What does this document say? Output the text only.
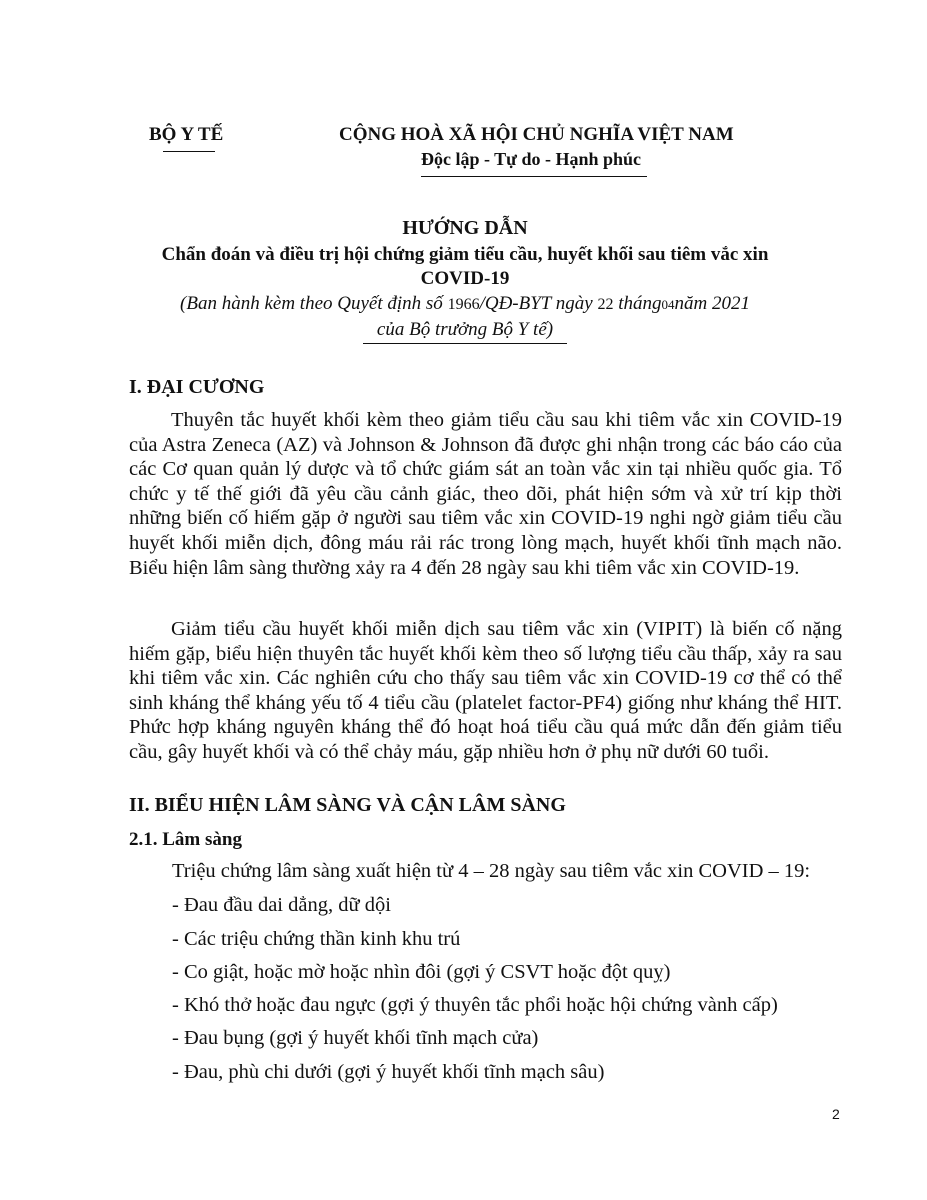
BỘ Y TẾ	CỘNG HOÀ XÃ HỘI CHỦ NGHĨA VIỆT NAM
Độc lập - Tự do - Hạnh phúc
HƯỚNG DẪN
Chẩn đoán và điều trị hội chứng giảm tiểu cầu, huyết khối sau tiêm vắc xin
COVID-19
(Ban hành kèm theo Quyết định số 1966/QĐ-BYT ngày 22 tháng04năm 2021
của Bộ trưởng Bộ Y tế)
I. ĐẠI CƯƠNG
Thuyên tắc huyết khối kèm theo giảm tiểu cầu sau khi tiêm vắc xin COVID-19 của Astra Zeneca (AZ) và Johnson & Johnson đã được ghi nhận trong các báo cáo của các Cơ quan quản lý dược và tổ chức giám sát an toàn vắc xin tại nhiều quốc gia. Tổ chức y tế thế giới đã yêu cầu cảnh giác, theo dõi, phát hiện sớm và xử trí kịp thời những biến cố hiếm gặp ở người sau tiêm vắc xin COVID-19 nghi ngờ giảm tiểu cầu huyết khối miễn dịch, đông máu rải rác trong lòng mạch, huyết khối tĩnh mạch não. Biểu hiện lâm sàng thường xảy ra 4 đến 28 ngày sau khi tiêm vắc xin COVID-19.
Giảm tiểu cầu huyết khối miễn dịch sau tiêm vắc xin (VIPIT) là biến cố nặng hiếm gặp, biểu hiện thuyên tắc huyết khối kèm theo số lượng tiểu cầu thấp, xảy ra sau khi tiêm vắc xin. Các nghiên cứu cho thấy sau tiêm vắc xin COVID-19 cơ thể có thể sinh kháng thể kháng yếu tố 4 tiểu cầu (platelet factor-PF4) giống như kháng thể HIT. Phức hợp kháng nguyên kháng thể đó hoạt hoá tiểu cầu quá mức dẫn đến giảm tiểu cầu, gây huyết khối và có thể chảy máu, gặp nhiều hơn ở phụ nữ dưới 60 tuổi.
II. BIỂU HIỆN LÂM SÀNG VÀ CẬN LÂM SÀNG
2.1. Lâm sàng
Triệu chứng lâm sàng xuất hiện từ 4 – 28 ngày sau tiêm vắc xin COVID – 19:
- Đau đầu dai dẳng, dữ dội
- Các triệu chứng thần kinh khu trú
- Co giật, hoặc mờ hoặc nhìn đôi (gợi ý CSVT hoặc đột quỵ)
- Khó thở hoặc đau ngực (gợi ý thuyên tắc phổi hoặc hội chứng vành cấp)
- Đau bụng (gợi ý huyết khối tĩnh mạch cửa)
- Đau, phù chi dưới (gợi ý huyết khối tĩnh mạch sâu)
2
